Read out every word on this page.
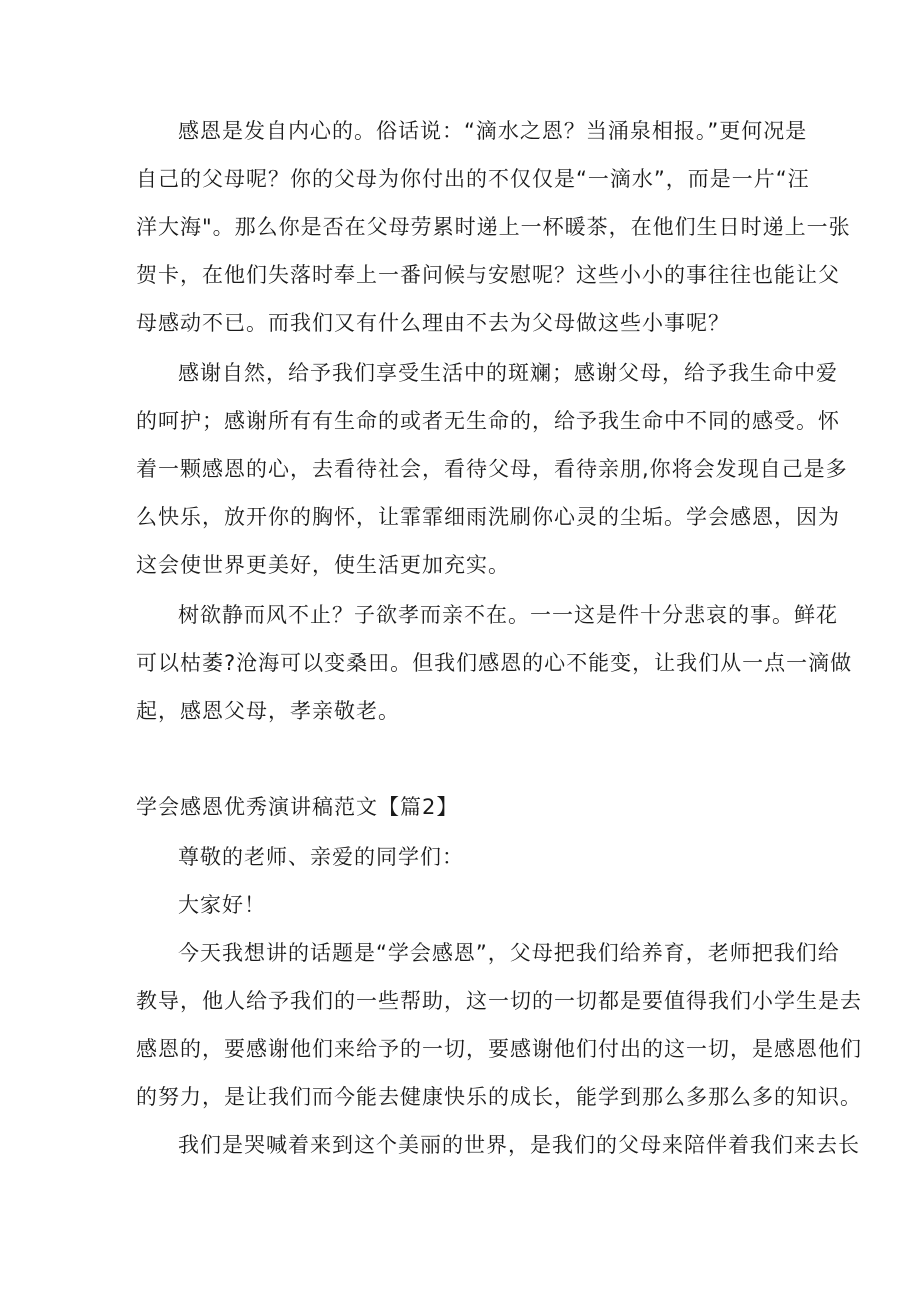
感恩是发自内心的。俗话说：“滴水之恩？当涌泉相报。”更何况是
自己的父母呢？你的父母为你付出的不仅仅是“一滴水”，而是一片“汪
洋大海"。那么你是否在父母劳累时递上一杯暖茶，在他们生日时递上一张
贺卡，在他们失落时奉上一番问候与安慰呢？这些小小的事往往也能让父
母感动不已。而我们又有什么理由不去为父母做这些小事呢？
感谢自然，给予我们享受生活中的斑斓；感谢父母，给予我生命中爱
的呵护；感谢所有有生命的或者无生命的，给予我生命中不同的感受。怀
着一颗感恩的心，去看待社会，看待父母，看待亲朋,你将会发现自己是多
么快乐，放开你的胸怀，让霏霏细雨洗刷你心灵的尘垢。学会感恩，因为
这会使世界更美好，使生活更加充实。
树欲静而风不止？子欲孝而亲不在。一一这是件十分悲哀的事。鲜花
可以枯萎?沧海可以变桑田。但我们感恩的心不能变，让我们从一点一滴做
起，感恩父母，孝亲敬老。
学会感恩优秀演讲稿范文【篇2】
尊敬的老师、亲爱的同学们：
大家好！
今天我想讲的话题是“学会感恩”，父母把我们给养育，老师把我们给
教导，他人给予我们的一些帮助，这一切的一切都是要值得我们小学生是去
感恩的，要感谢他们来给予的一切，要感谢他们付出的这一切，是感恩他们
的努力，是让我们而今能去健康快乐的成长，能学到那么多那么多的知识。
我们是哭喊着来到这个美丽的世界，是我们的父母来陪伴着我们来去长
